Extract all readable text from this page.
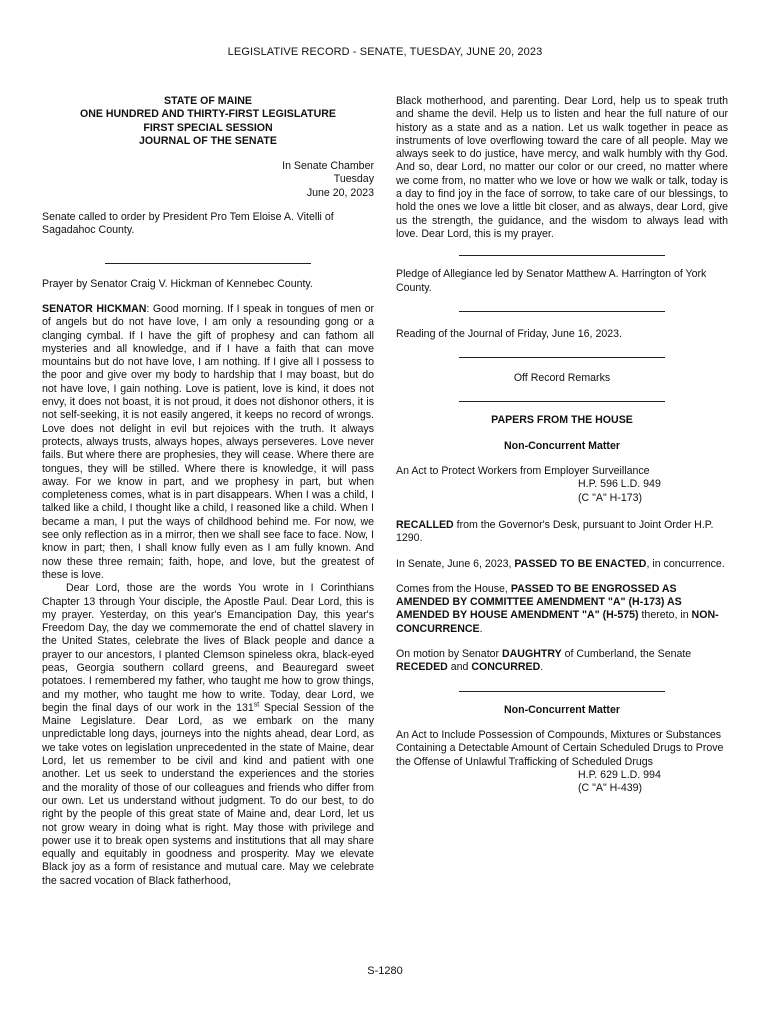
LEGISLATIVE RECORD - SENATE, TUESDAY, JUNE 20, 2023
STATE OF MAINE
ONE HUNDRED AND THIRTY-FIRST LEGISLATURE
FIRST SPECIAL SESSION
JOURNAL OF THE SENATE
In Senate Chamber
Tuesday
June 20, 2023

Senate called to order by President Pro Tem Eloise A. Vitelli of Sagadahoc County.

Prayer by Senator Craig V. Hickman of Kennebec County.

SENATOR HICKMAN: Good morning. If I speak in tongues of men or of angels but do not have love, I am only a resounding gong or a clanging cymbal. If I have the gift of prophesy and can fathom all mysteries and all knowledge, and if I have a faith that can move mountains but do not have love, I am nothing. If I give all I possess to the poor and give over my body to hardship that I may boast, but do not have love, I gain nothing. Love is patient, love is kind, it does not envy, it does not boast, it is not proud, it does not dishonor others, it is not self-seeking, it is not easily angered, it keeps no record of wrongs. Love does not delight in evil but rejoices with the truth. It always protects, always trusts, always hopes, always perseveres. Love never fails. But where there are prophesies, they will cease. Where there are tongues, they will be stilled. Where there is knowledge, it will pass away. For we know in part, and we prophesy in part, but when completeness comes, what is in part disappears. When I was a child, I talked like a child, I thought like a child, I reasoned like a child. When I became a man, I put the ways of childhood behind me. For now, we see only reflection as in a mirror, then we shall see face to face. Now, I know in part; then, I shall know fully even as I am fully known. And now these three remain; faith, hope, and love, but the greatest of these is love.

Dear Lord, those are the words You wrote in I Corinthians Chapter 13 through Your disciple, the Apostle Paul. Dear Lord, this is my prayer. Yesterday, on this year's Emancipation Day, this year's Freedom Day, the day we commemorate the end of chattel slavery in the United States, celebrate the lives of Black people and dance a prayer to our ancestors, I planted Clemson spineless okra, black-eyed peas, Georgia southern collard greens, and Beauregard sweet potatoes. I remembered my father, who taught me how to grow things, and my mother, who taught me how to write. Today, dear Lord, we begin the final days of our work in the 131st Special Session of the Maine Legislature. Dear Lord, as we embark on the many unpredictable long days, journeys into the nights ahead, dear Lord, as we take votes on legislation unprecedented in the state of Maine, dear Lord, let us remember to be civil and kind and patient with one another. Let us seek to understand the experiences and the stories and the morality of those of our colleagues and friends who differ from our own. Let us understand without judgment. To do our best, to do right by the people of this great state of Maine and, dear Lord, let us not grow weary in doing what is right. May those with privilege and power use it to break open systems and institutions that all may share equally and equitably in goodness and prosperity. May we elevate Black joy as a form of resistance and mutual care. May we celebrate the sacred vocation of Black fatherhood,

Black motherhood, and parenting. Dear Lord, help us to speak truth and shame the devil. Help us to listen and hear the full nature of our history as a state and as a nation. Let us walk together in peace as instruments of love overflowing toward the care of all people. May we always seek to do justice, have mercy, and walk humbly with thy God. And so, dear Lord, no matter our color or our creed, no matter where we come from, no matter who we love or how we walk or talk, today is a day to find joy in the face of sorrow, to take care of our blessings, to hold the ones we love a little bit closer, and as always, dear Lord, give us the strength, the guidance, and the wisdom to always lead with love. Dear Lord, this is my prayer.

Pledge of Allegiance led by Senator Matthew A. Harrington of York County.

Reading of the Journal of Friday, June 16, 2023.

Off Record Remarks

PAPERS FROM THE HOUSE

Non-Concurrent Matter

An Act to Protect Workers from Employer Surveillance

H.P. 596 L.D. 949

(C "A" H-173)

RECALLED from the Governor's Desk, pursuant to Joint Order H.P. 1290.

In Senate, June 6, 2023, PASSED TO BE ENACTED, in concurrence.

Comes from the House, PASSED TO BE ENGROSSED AS AMENDED BY COMMITTEE AMENDMENT "A" (H-173) AS AMENDED BY HOUSE AMENDMENT "A" (H-575) thereto, in NON-CONCURRENCE.

On motion by Senator DAUGHTRY of Cumberland, the Senate RECEDED and CONCURRED.

Non-Concurrent Matter

An Act to Include Possession of Compounds, Mixtures or Substances Containing a Detectable Amount of Certain Scheduled Drugs to Prove the Offense of Unlawful Trafficking of Scheduled Drugs

H.P. 629 L.D. 994

(C "A" H-439)

S-1280
